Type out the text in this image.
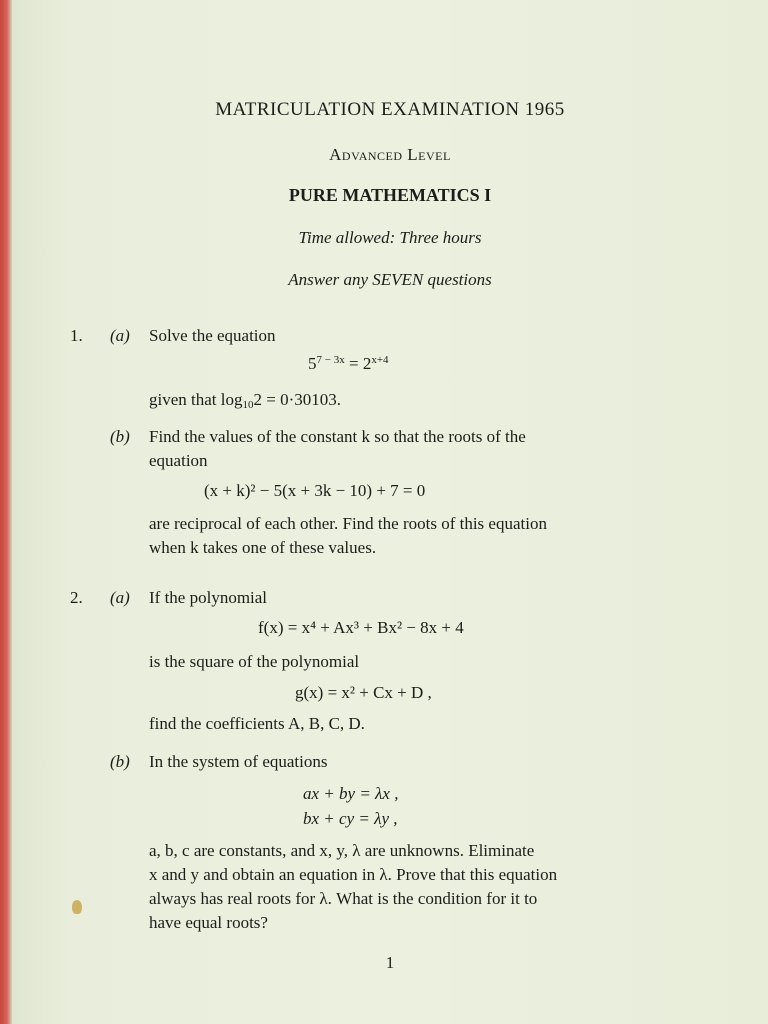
MATRICULATION EXAMINATION 1965
Advanced Level
PURE MATHEMATICS I
Time allowed: Three hours
Answer any SEVEN questions
1. (a) Solve the equation
$5^{7 - 3x} = 2^{x+4}$
given that $\log_{10}2 = 0\cdot 30103$.
(b) Find the values of the constant k so that the roots of the
equation
(x + k)² − 5(x + 3k − 10) + 7 = 0
are reciprocal of each other. Find the roots of this equation
when k takes one of these values.
2. (a) If the polynomial
f(x) = x⁴ + Ax³ + Bx² − 8x + 4
is the square of the polynomial
g(x) = x² + Cx + D ,
find the coefficients A, B, C, D.
(b) In the system of equations
ax + by = λx ,
bx + cy = λy ,
a, b, c are constants, and x, y, λ are unknowns. Eliminate
x and y and obtain an equation in λ. Prove that this equation
always has real roots for λ. What is the condition for it to
have equal roots?
1
